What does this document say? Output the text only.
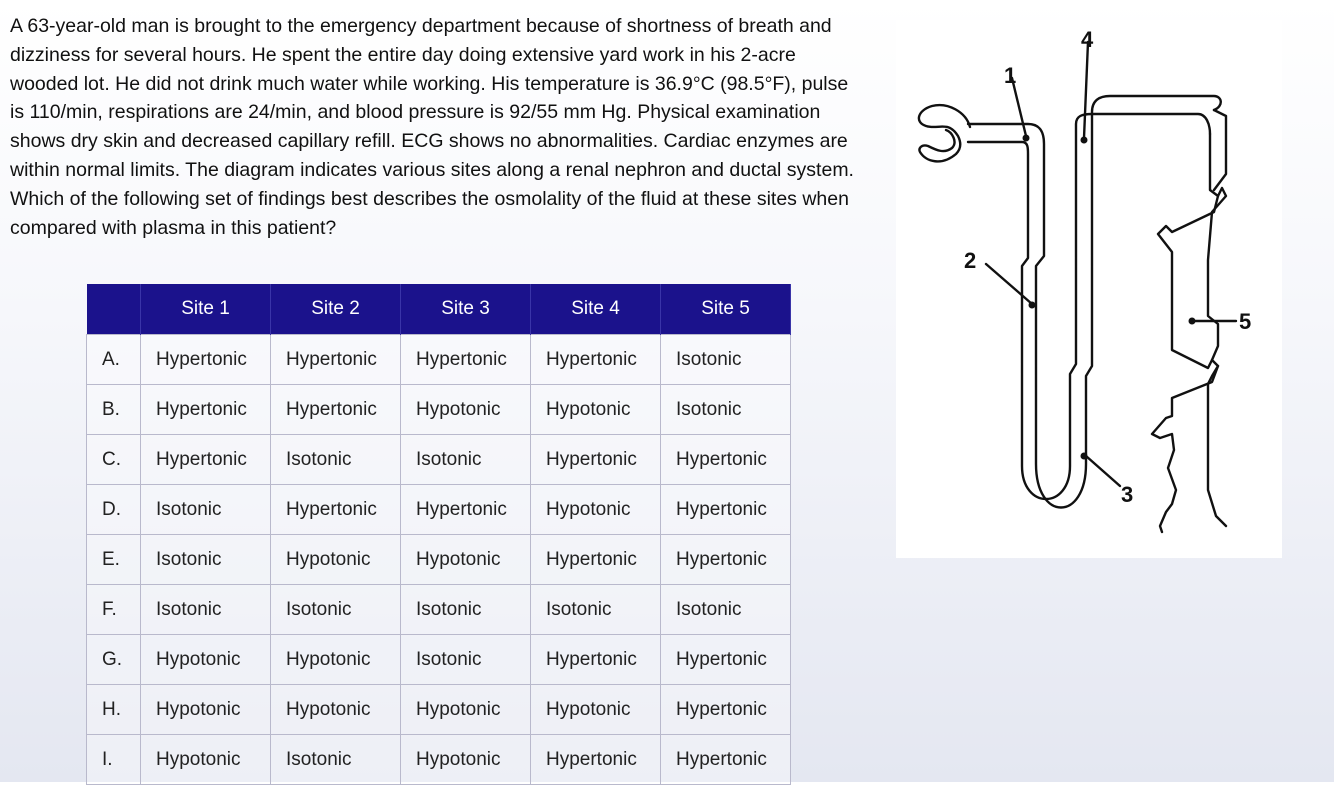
A 63-year-old man is brought to the emergency department because of shortness of breath and dizziness for several hours. He spent the entire day doing extensive yard work in his 2-acre wooded lot. He did not drink much water while working. His temperature is 36.9°C (98.5°F), pulse is 110/min, respirations are 24/min, and blood pressure is 92/55 mm Hg. Physical examination shows dry skin and decreased capillary refill. ECG shows no abnormalities. Cardiac enzymes are within normal limits. The diagram indicates various sites along a renal nephron and ductal system. Which of the following set of findings best describes the osmolality of the fluid at these sites when compared with plasma in this patient?

	Site 1	Site 2	Site 3	Site 4	Site 5
A.	Hypertonic	Hypertonic	Hypertonic	Hypertonic	Isotonic
B.	Hypertonic	Hypertonic	Hypotonic	Hypotonic	Isotonic
C.	Hypertonic	Isotonic	Isotonic	Hypertonic	Hypertonic
D.	Isotonic	Hypertonic	Hypertonic	Hypotonic	Hypertonic
E.	Isotonic	Hypotonic	Hypotonic	Hypertonic	Hypertonic
F.	Isotonic	Isotonic	Isotonic	Isotonic	Isotonic
G.	Hypotonic	Hypotonic	Isotonic	Hypertonic	Hypertonic
H.	Hypotonic	Hypotonic	Hypotonic	Hypotonic	Hypertonic
I.	Hypotonic	Isotonic	Hypotonic	Hypertonic	Hypertonic
1
2
3
4
5
